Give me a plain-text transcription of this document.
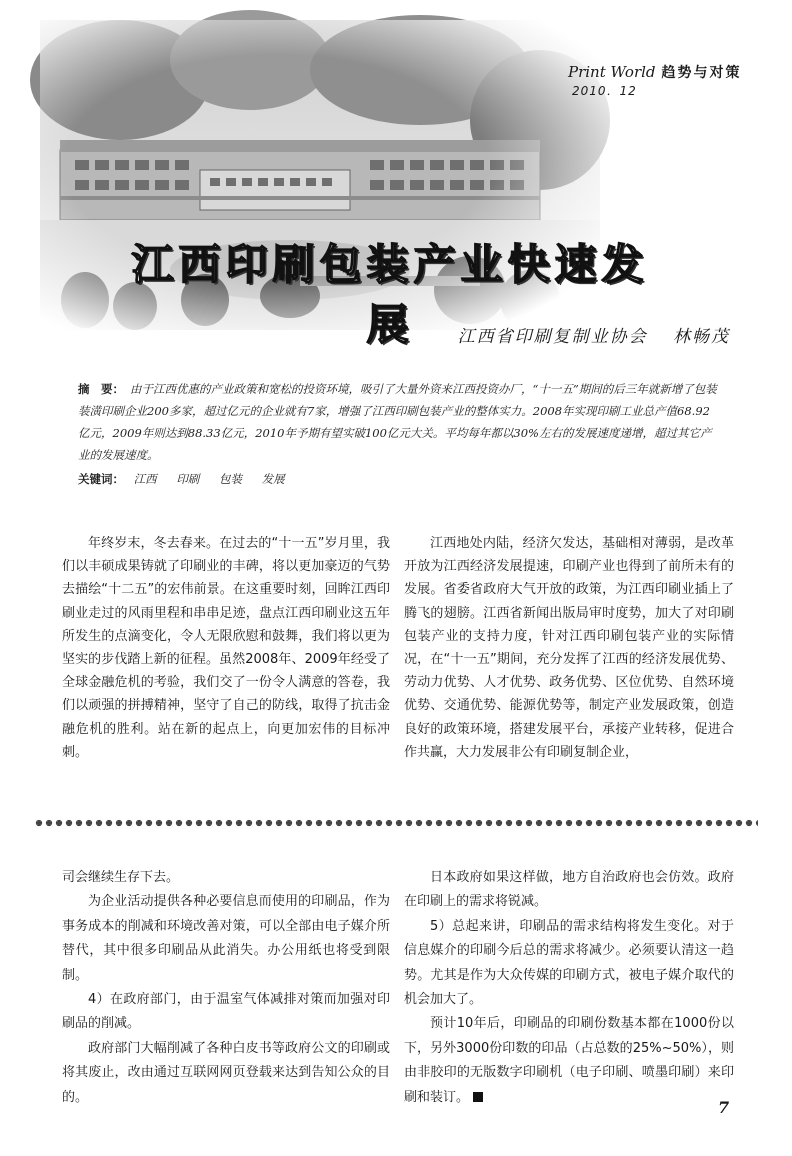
Print World 趋势与对策
2010．12
江西印刷包装产业快速发展	江西省印刷复制业协会 林畅茂
摘　要： 由于江西优惠的产业政策和宽松的投资环境，吸引了大量外资来江西投资办厂，“十一五”期间的后三年就新增了包装装潢印刷企业200多家，超过亿元的企业就有7家，增强了江西印刷包装产业的整体实力。2008年实现印刷工业总产值68.92亿元，2009年则达到88.33亿元，2010年予期有望实破100亿元大关。平均每年都以30%左右的发展速度递增，超过其它产业的发展速度。
关键词： 江西 印刷 包装 发展

年终岁末，冬去春来。在过去的“十一五”岁月里，我们以丰硕成果铸就了印刷业的丰碑，将以更加豪迈的气势去描绘“十二五”的宏伟前景。在这重要时刻，回眸江西印刷业走过的风雨里程和串串足迹，盘点江西印刷业这五年所发生的点滴变化，令人无限欣慰和鼓舞，我们将以更为坚实的步伐踏上新的征程。虽然2008年、2009年经受了全球金融危机的考验，我们交了一份令人满意的答卷，我们以顽强的拼搏精神，坚守了自己的防线，取得了抗击金融危机的胜利。站在新的起点上，向更加宏伟的目标冲刺。

江西地处内陆，经济欠发达，基础相对薄弱，是改革开放为江西经济发展提速，印刷产业也得到了前所未有的发展。省委省政府大气开放的政策，为江西印刷业插上了腾飞的翅膀。江西省新闻出版局审时度势，加大了对印刷包装产业的支持力度，针对江西印刷包装产业的实际情况，在“十一五”期间，充分发挥了江西的经济发展优势、劳动力优势、人才优势、政务优势、区位优势、自然环境优势、交通优势、能源优势等，制定产业发展政策，创造良好的政策环境，搭建发展平台，承接产业转移，促进合作共赢，大力发展非公有印刷复制企业，

司会继续生存下去。

为企业活动提供各种必要信息而使用的印刷品，作为事务成本的削减和环境改善对策，可以全部由电子媒介所替代，其中很多印刷品从此消失。办公用纸也将受到限制。

4）在政府部门，由于温室气体减排对策而加强对印刷品的削减。

政府部门大幅削减了各种白皮书等政府公文的印刷或将其废止，改由通过互联网网页登载来达到告知公众的目的。

日本政府如果这样做，地方自治政府也会仿效。政府在印刷上的需求将锐减。

5）总起来讲，印刷品的需求结构将发生变化。对于信息媒介的印刷今后总的需求将减少。必须要认清这一趋势。尤其是作为大众传媒的印刷方式，被电子媒介取代的机会加大了。

预计10年后，印刷品的印刷份数基本都在1000份以下，另外3000份印数的印品（占总数的25%~50%），则由非胶印的无版数字印刷机（电子印刷、喷墨印刷）来印刷和装订。

7
